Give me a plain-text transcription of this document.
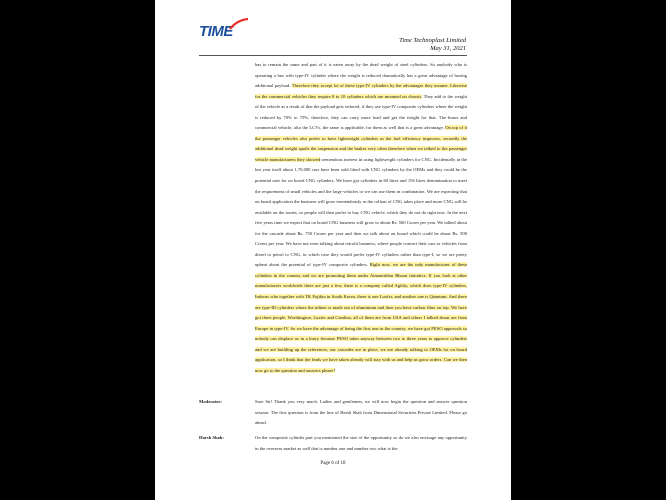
TIME
Time Technoplast Limited
May 31, 2021
has to remain the same and part of it is eaten away by the dead weight of steel cylinders. So anybody who is operating a bus with type-IV cylinder where the weight is reduced dramatically has a great advantage of having additional payload. Therefore they accept lot of these type-IV cylinders by the advantages they assume. Likewise for the commercial vehicles they require 8 to 10 cylinders which are mounted on chassis. They add to the weight of the vehicle as a result of that the payload gets reduced, if they use type-IV composite cylinders where the weight is reduced by 70% to 75%, therefore, they can carry more load and get the freight for that. The buses and commercial vehicle, also the LCVs, the same is applicable, for them as well that is a great advantage. On top of it the passenger vehicles also prefer to have lightweight cylinders as the fuel efficiency improves, secondly the additional dead weight spoils the suspension and the brakes very often therefore when we talked to the passenger vehicle manufacturers they showed tremendous interest in using lightweight cylinders for CNG. Incidentally in the last year itself about 1,70,000 cars have been sold fitted with CNG cylinders by the OEMs and they could be the potential user for on board CNG cylinders. We have got cylinders in 60 litres and 156 litres denomination to meet the requirement of small vehicles and the large vehicles or we can use them in combination. We are expecting that on board application the business will grow tremendously as the rollout of CNG takes place and more CNG will be available on the routes, so people will then prefer to buy CNG vehicle, which they do not do right now. In the next five years time we expect that on board CNG business will grow to about Rs. 500 Crores per year. We talked about for the cascade about Rs. 750 Crores per year and then we talk about on board which could be about Rs. 500 Crores per year. We have not even talking about retrofit business, where people convert their cars or vehicles from diesel or petrol to CNG, in which case they would prefer type-IV cylinders rather than type-I, so we are pretty upbeat about the potential of type-IV composite cylinders. Right now, we are the only manufacturer of these cylinders in the country and we are promoting them under Atmanirbhar Bharat initiative. If you look at other manufacturers worldwide there are just a few, there is a company called Agility, which does type-IV cylinders, Indorus who together with TK Fujikin in South Korea, there is one Luxfer, and another one is Quantum. And there are type-III cylinders where the inliner is made out of aluminium and then you have carbon fibre on top. We have got three people, Worthington, Luxfer and Catalina, all of them are from USA and others I talked about are from Europe in type-IV. So we have the advantage of being the first one in the country, we have got PESO approvals so nobody can displace us in a hurry because PESO takes anyway between two to three years to approve cylinders and we are building up the references, our cascades are in place, we are already talking to OEMs for on board application, so I think that the leads we have taken already will stay with us and help us grow orders. Can we then now go to the question and answers please?
Moderator:	Sure Sir! Thank you very much. Ladies and gentlemen, we will now begin the question and answer question session. The first question is from the line of Harsh Shah from Dimensional Securities Private Limited. Please go ahead.
Harsh Shah:	On the composite cylinder part you mentioned the size of the opportunity so do we also envisage any opportunity in the overseas market as well that is number one and number two what is the
Page 6 of 18
